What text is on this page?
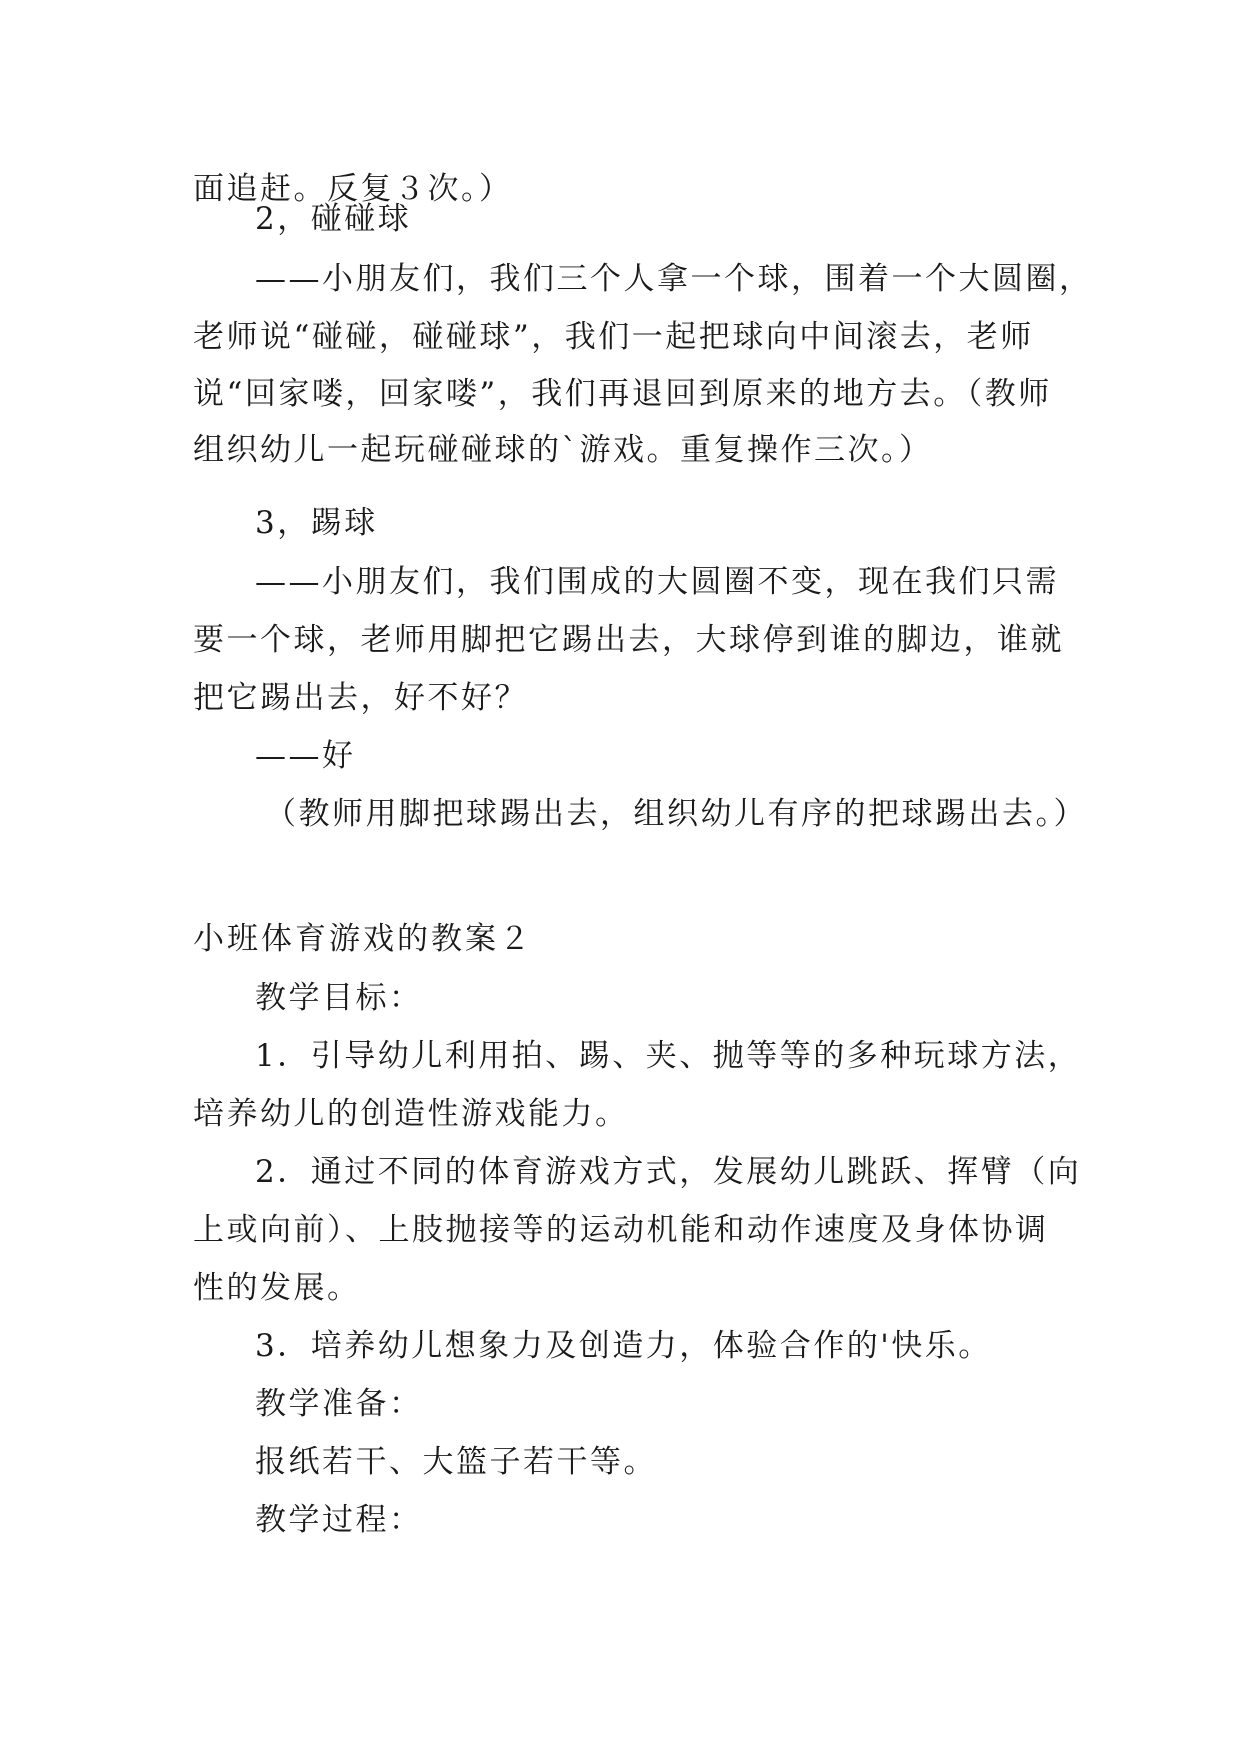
面追赶。反复３次。）
2，碰碰球
——小朋友们，我们三个人拿一个球，围着一个大圆圈，
老师说“碰碰，碰碰球”，我们一起把球向中间滚去，老师
说“回家喽，回家喽”，我们再退回到原来的地方去。（教师
组织幼儿一起玩碰碰球的`游戏。重复操作三次。）
3，踢球
——小朋友们，我们围成的大圆圈不变，现在我们只需
要一个球，老师用脚把它踢出去，大球停到谁的脚边，谁就
把它踢出去，好不好？
——好
（教师用脚把球踢出去，组织幼儿有序的把球踢出去。）
小班体育游戏的教案２
教学目标：
1．引导幼儿利用拍、踢、夹、抛等等的多种玩球方法，
培养幼儿的创造性游戏能力。
2．通过不同的体育游戏方式，发展幼儿跳跃、挥臂（向
上或向前）、上肢抛接等的运动机能和动作速度及身体协调
性的发展。
3．培养幼儿想象力及创造力，体验合作的'快乐。
教学准备：
报纸若干、大篮子若干等。
教学过程：
